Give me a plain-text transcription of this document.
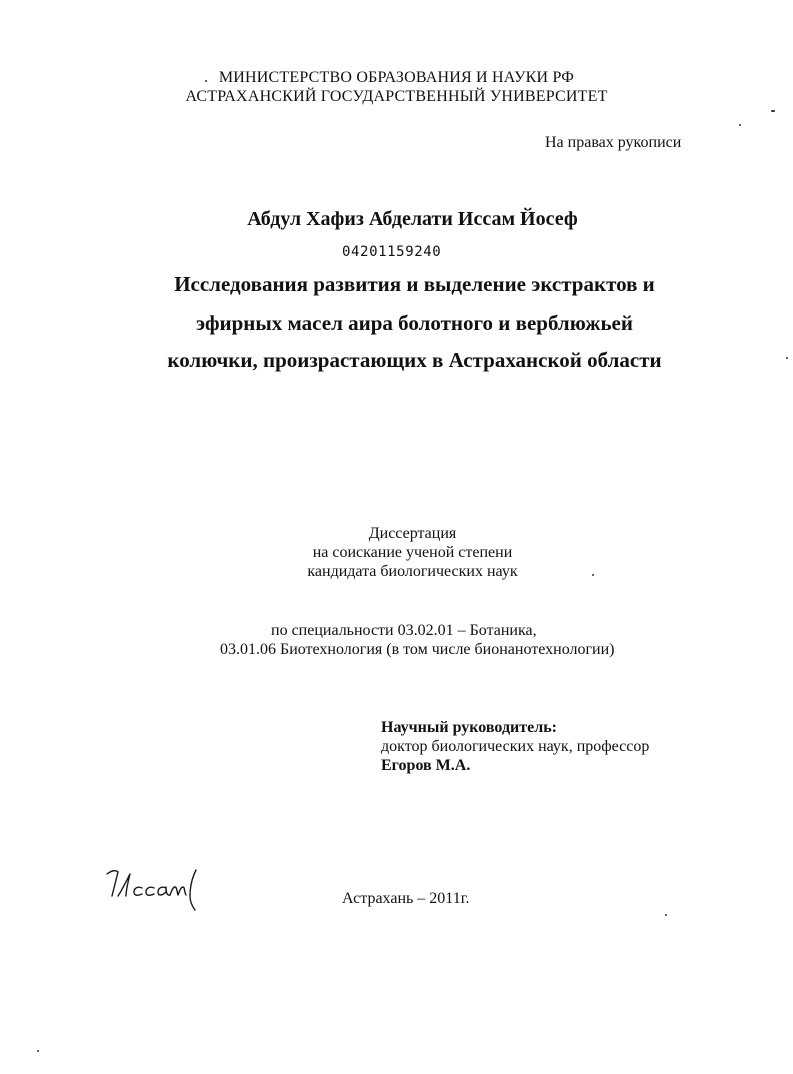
МИНИСТЕРСТВО ОБРАЗОВАНИЯ И НАУКИ РФ
АСТРАХАНСКИЙ ГОСУДАРСТВЕННЫЙ УНИВЕРСИТЕТ
На правах рукописи
Абдул Хафиз Абделати Иссам Йосеф
04201159240
Исследования развития и выделение экстрактов и
эфирных масел аира болотного и верблюжьей
колючки, произрастающих в Астраханской области
Диссертация
на соискание ученой степени
кандидата биологических наук
по специальности 03.02.01 – Ботаника,
03.01.06 Биотехнология (в том числе бионанотехнологии)
Научный руководитель:
доктор биологических наук, профессор
Егоров М.А.
Астрахань – 2011г.
